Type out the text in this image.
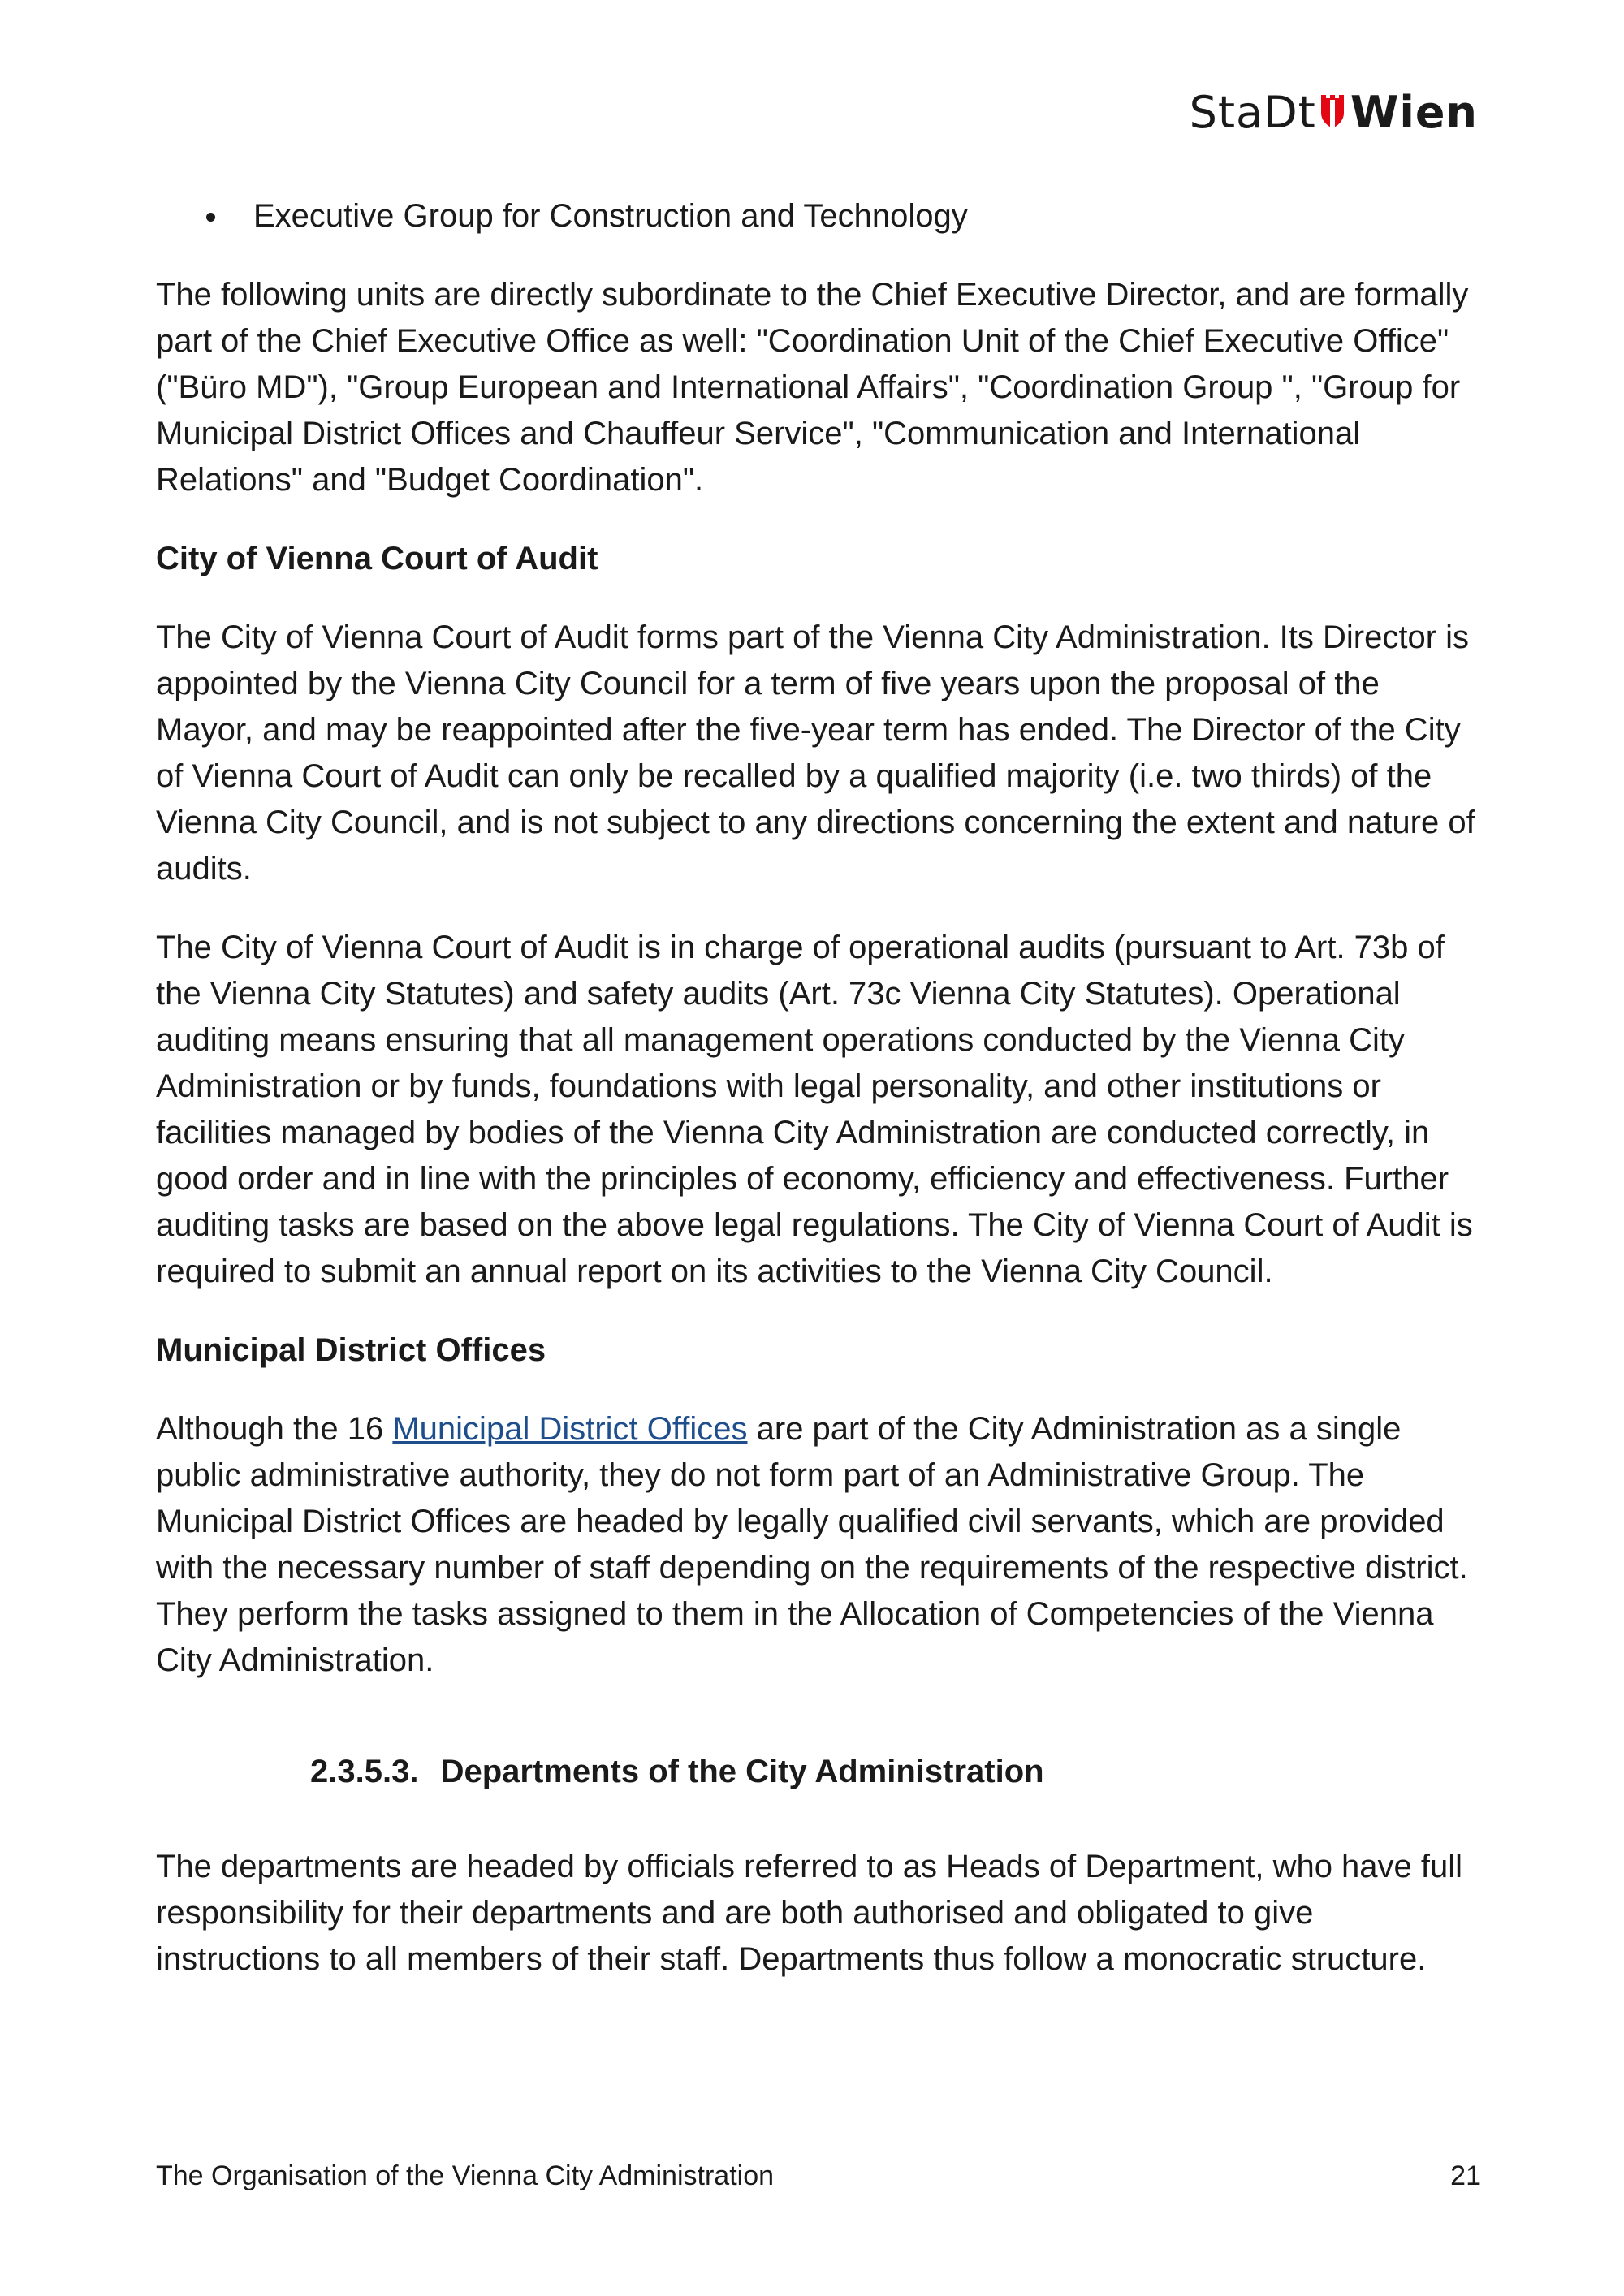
StaDt Wien
Executive Group for Construction and Technology

The following units are directly subordinate to the Chief Executive Director, and are formally part of the Chief Executive Office as well: "Coordination Unit of the Chief Executive Office" ("Büro MD"), "Group European and International Affairs", "Coordination Group ", "Group for Municipal District Offices and Chauffeur Service", "Communication and International Relations" and "Budget Coordination".

City of Vienna Court of Audit

The City of Vienna Court of Audit forms part of the Vienna City Administration. Its Director is appointed by the Vienna City Council for a term of five years upon the proposal of the Mayor, and may be reappointed after the five-year term has ended. The Director of the City of Vienna Court of Audit can only be recalled by a qualified majority (i.e. two thirds) of the Vienna City Council, and is not subject to any directions concerning the extent and nature of audits.

The City of Vienna Court of Audit is in charge of operational audits (pursuant to Art. 73b of the Vienna City Statutes) and safety audits (Art. 73c Vienna City Statutes). Operational auditing means ensuring that all management operations conducted by the Vienna City Administration or by funds, foundations with legal personality, and other institutions or facilities managed by bodies of the Vienna City Administration are conducted correctly, in good order and in line with the principles of economy, efficiency and effectiveness. Further auditing tasks are based on the above legal regulations. The City of Vienna Court of Audit is required to submit an annual report on its activities to the Vienna City Council.

Municipal District Offices

Although the 16 Municipal District Offices are part of the City Administration as a single public administrative authority, they do not form part of an Administrative Group. The Municipal District Offices are headed by legally qualified civil servants, which are provided with the necessary number of staff depending on the requirements of the respective district. They perform the tasks assigned to them in the Allocation of Competencies of the Vienna City Administration.

2.3.5.3. Departments of the City Administration

The departments are headed by officials referred to as Heads of Department, who have full responsibility for their departments and are both authorised and obligated to give instructions to all members of their staff. Departments thus follow a monocratic structure.

The Organisation of the Vienna City Administration	21
